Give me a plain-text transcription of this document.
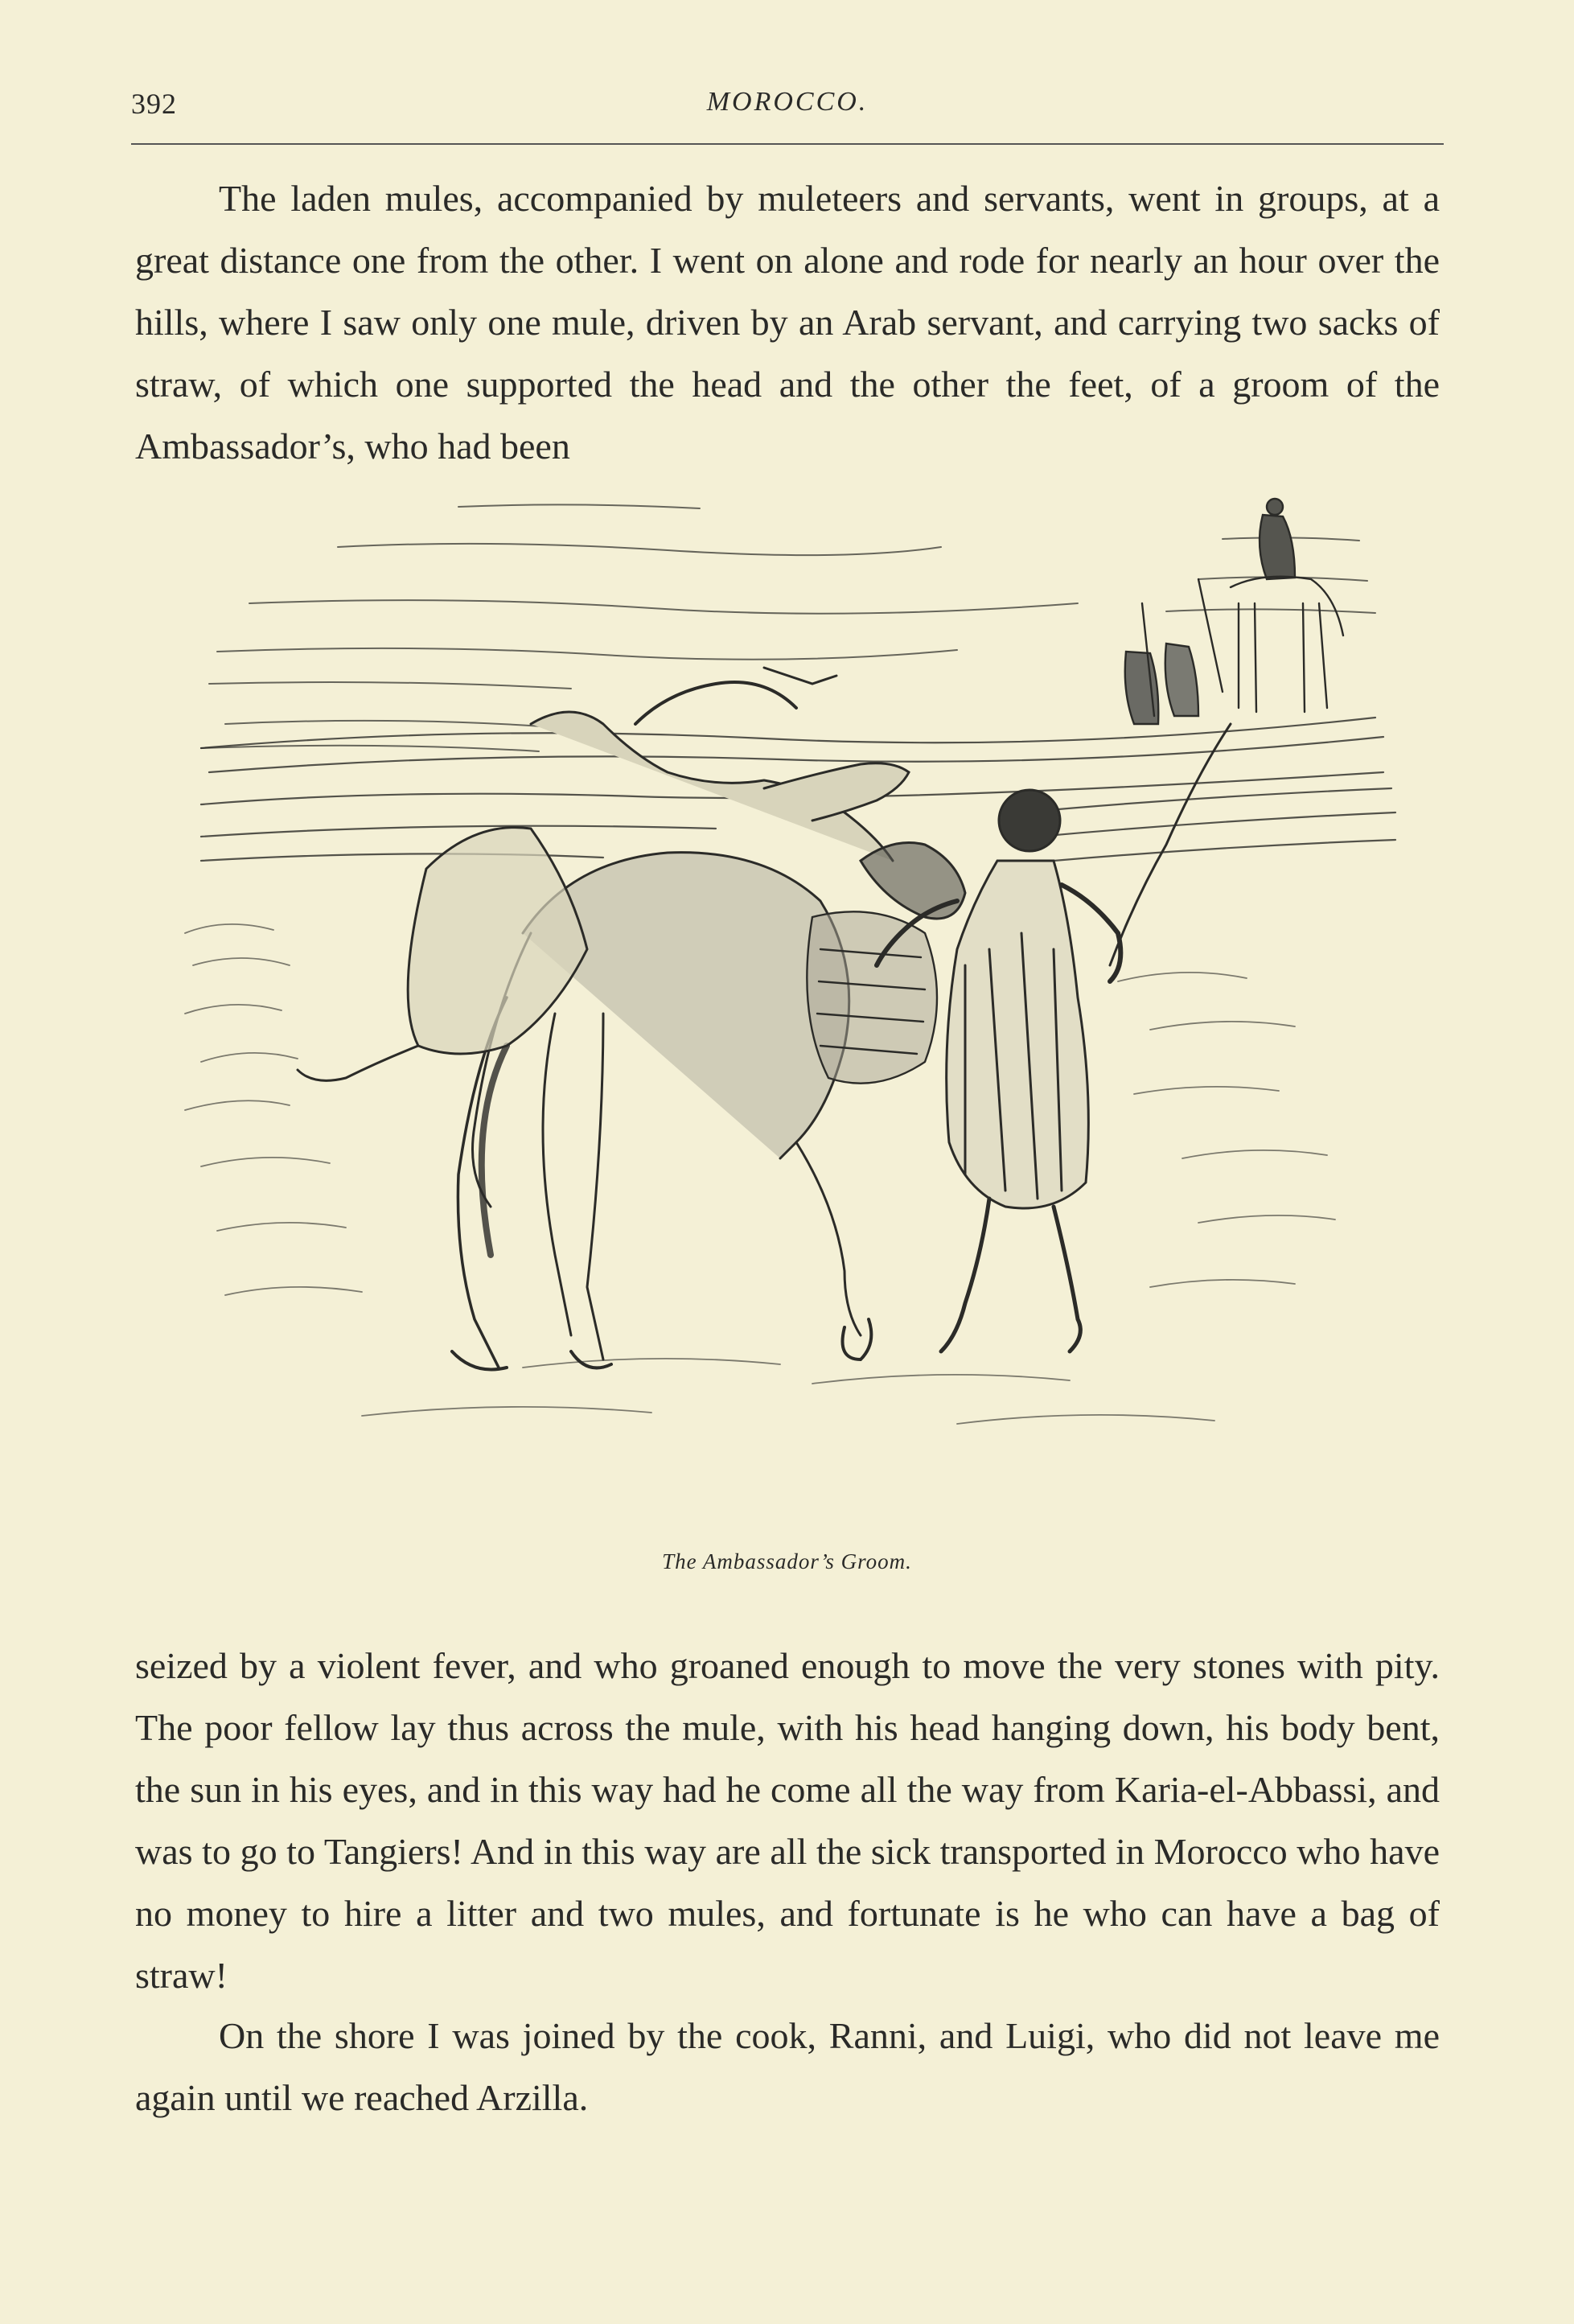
392	MOROCCO.

The laden mules, accompanied by muleteers and servants, went in groups, at a great distance one from the other. I went on alone and rode for nearly an hour over the hills, where I saw only one mule, driven by an Arab servant, and carrying two sacks of straw, of which one supported the head and the other the feet, of a groom of the Ambassador’s, who had been

The Ambassador’s Groom.

seized by a violent fever, and who groaned enough to move the very stones with pity. The poor fellow lay thus across the mule, with his head hanging down, his body bent, the sun in his eyes, and in this way had he come all the way from Karia-el-Abbassi, and was to go to Tangiers! And in this way are all the sick transported in Morocco who have no money to hire a litter and two mules, and fortunate is he who can have a bag of straw!

On the shore I was joined by the cook, Ranni, and Luigi, who did not leave me again until we reached Arzilla.
